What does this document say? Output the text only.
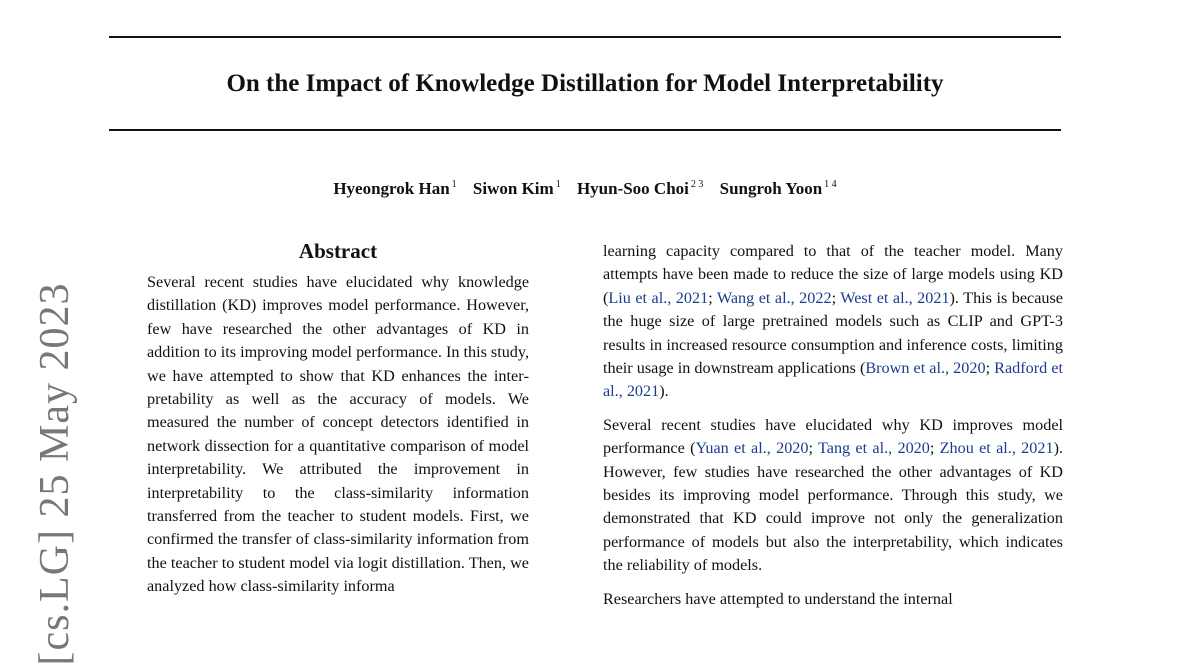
On the Impact of Knowledge Distillation for Model Interpretability
Hyeongrok Han $^1$ Siwon Kim $^1$ Hyun-Soo Choi $^{2 3}$ Sungroh Yoon $^{1 4}$
[cs.LG] 25 May 2023
Abstract

Several recent studies have elucidated why knowledge distillation (KD) improves model performance. However, few have researched the other advantages of KD in addition to its improving model performance. In this study, we have attempted to show that KD enhances the interpretability as well as the accuracy of models. We measured the number of concept detectors identified in network dissection for a quantitative comparison of model interpretability. We attributed the improvement in interpretability to the class-similarity information transferred from the teacher to student models. First, we confirmed the transfer of class-similarity information from the teacher to student model via logit distillation. Then, we analyzed how class-similarity informa

learning capacity compared to that of the teacher model. Many attempts have been made to reduce the size of large models using KD (Liu et al., 2021; Wang et al., 2022; West et al., 2021). This is because the huge size of large pretrained models such as CLIP and GPT-3 results in increased resource consumption and inference costs, limiting their usage in downstream applications (Brown et al., 2020; Radford et al., 2021).

Several recent studies have elucidated why KD improves model performance (Yuan et al., 2020; Tang et al., 2020; Zhou et al., 2021). However, few studies have researched the other advantages of KD besides its improving model performance. Through this study, we demonstrated that KD could improve not only the generalization performance of models but also the interpretability, which indicates the reliability of models.

Researchers have attempted to understand the internal
